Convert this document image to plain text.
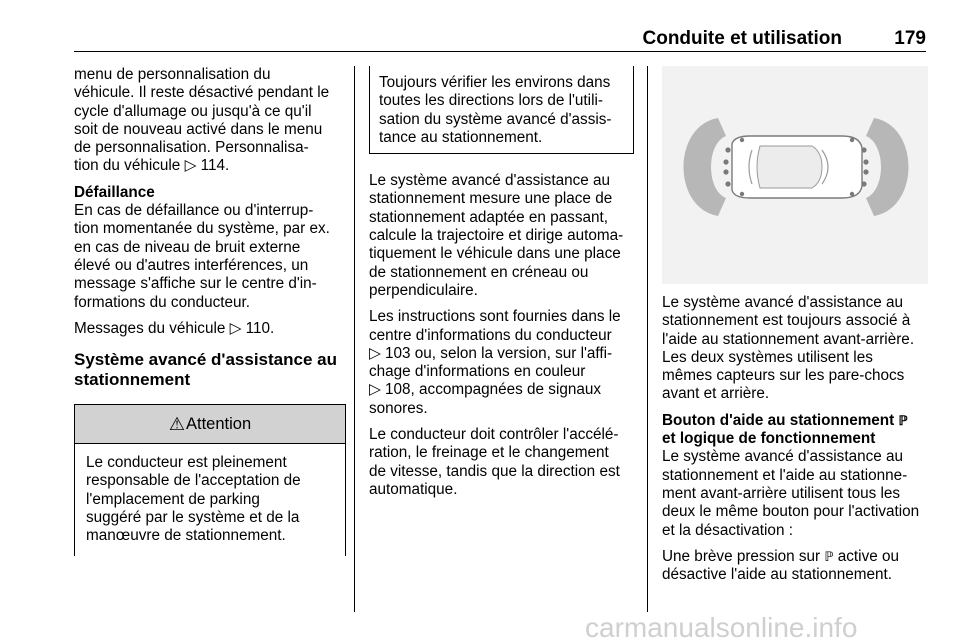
Conduite et utilisation	179

menu de personnalisation du
véhicule. Il reste désactivé pendant le
cycle d'allumage ou jusqu'à ce qu'il
soit de nouveau activé dans le menu
de personnalisation. Personnalisa-
tion du véhicule ▷ 114.

Défaillance

En cas de défaillance ou d'interrup-
tion momentanée du système, par ex.
en cas de niveau de bruit externe
élevé ou d'autres interférences, un
message s'affiche sur le centre d'in-
formations du conducteur.

Messages du véhicule ▷ 110.

Système avancé d'assistance au
stationnement
⚠ Attention
Le conducteur est pleinement
responsable de l'acceptation de
l'emplacement de parking
suggéré par le système et de la
manœuvre de stationnement.
Toujours vérifier les environs dans
toutes les directions lors de l'utili-
sation du système avancé d'assis-
tance au stationnement.

Le système avancé d'assistance au
stationnement mesure une place de
stationnement adaptée en passant,
calcule la trajectoire et dirige automa-
tiquement le véhicule dans une place
de stationnement en créneau ou
perpendiculaire.

Les instructions sont fournies dans le
centre d'informations du conducteur
▷ 103 ou, selon la version, sur l'affi-
chage d'informations en couleur
▷ 108, accompagnées de signaux
sonores.

Le conducteur doit contrôler l'accélé-
ration, le freinage et le changement
de vitesse, tandis que la direction est
automatique.

Le système avancé d'assistance au
stationnement est toujours associé à
l'aide au stationnement avant-arrière.
Les deux systèmes utilisent les
mêmes capteurs sur les pare-chocs
avant et arrière.

Bouton d'aide au stationnement ℙ
et logique de fonctionnement

Le système avancé d'assistance au
stationnement et l'aide au stationne-
ment avant-arrière utilisent tous les
deux le même bouton pour l'activation
et la désactivation :

Une brève pression sur ℙ active ou
désactive l'aide au stationnement.

carmanualsonline.info
